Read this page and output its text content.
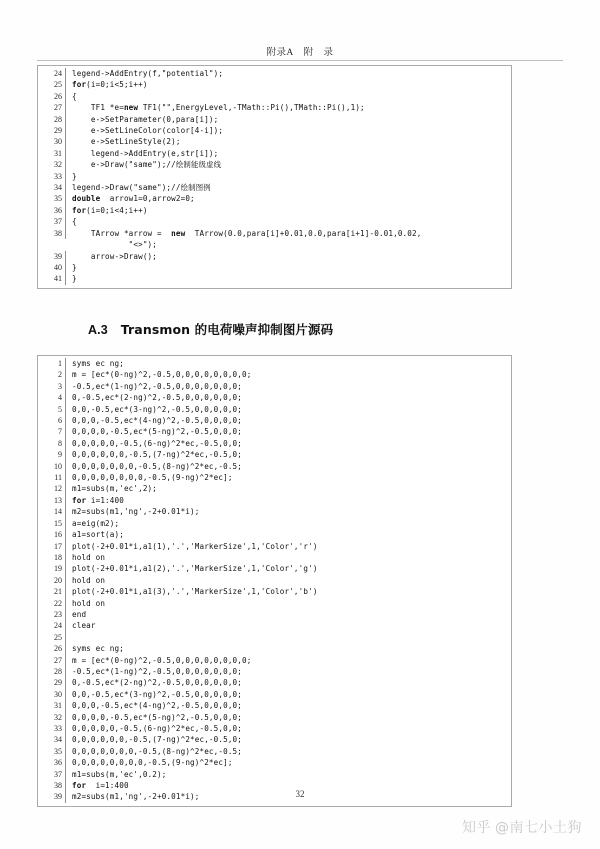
附录A 附　录
24	legend->AddEntry(f,"potential");
25	for(i=0;i<5;i++)
26	{
27	TF1 *e=new TF1("",EnergyLevel,-TMath::Pi(),TMath::Pi(),1);
28	e->SetParameter(0,para[i]);
29	e->SetLineColor(color[4-i]);
30	e->SetLineStyle(2);
31	legend->AddEntry(e,str[i]);
32	e->Draw("same");//绘制能级虚线
33	}
34	legend->Draw("same");//绘制图例
35	double  arrow1=0,arrow2=0;
36	for(i=0;i<4;i++)
37	{
38	TArrow *arrow =  new  TArrow(0.0,para[i]+0.01,0.0,para[i+1]-0.01,0.02,
"<>");
39	arrow->Draw();
40	}
41	}
A.3 Transmon 的电荷噪声抑制图片源码
1	syms ec ng;
2	m = [ec*(0-ng)^2,-0.5,0,0,0,0,0,0,0,0;
3	-0.5,ec*(1-ng)^2,-0.5,0,0,0,0,0,0,0;
4	0,-0.5,ec*(2-ng)^2,-0.5,0,0,0,0,0,0;
5	0,0,-0.5,ec*(3-ng)^2,-0.5,0,0,0,0,0;
6	0,0,0,-0.5,ec*(4-ng)^2,-0.5,0,0,0,0;
7	0,0,0,0,-0.5,ec*(5-ng)^2,-0.5,0,0,0;
8	0,0,0,0,0,-0.5,(6-ng)^2*ec,-0.5,0,0;
9	0,0,0,0,0,0,-0.5,(7-ng)^2*ec,-0.5,0;
10	0,0,0,0,0,0,0,-0.5,(8-ng)^2*ec,-0.5;
11	0,0,0,0,0,0,0,0,-0.5,(9-ng)^2*ec];
12	m1=subs(m,'ec',2);
13	for i=1:400
14	m2=subs(m1,'ng',-2+0.01*i);
15	a=eig(m2);
16	a1=sort(a);
17	plot(-2+0.01*i,a1(1),'.','MarkerSize',1,'Color','r')
18	hold on
19	plot(-2+0.01*i,a1(2),'.','MarkerSize',1,'Color','g')
20	hold on
21	plot(-2+0.01*i,a1(3),'.','MarkerSize',1,'Color','b')
22	hold on
23	end
24	clear
25
26	syms ec ng;
27	m = [ec*(0-ng)^2,-0.5,0,0,0,0,0,0,0,0;
28	-0.5,ec*(1-ng)^2,-0.5,0,0,0,0,0,0,0;
29	0,-0.5,ec*(2-ng)^2,-0.5,0,0,0,0,0,0;
30	0,0,-0.5,ec*(3-ng)^2,-0.5,0,0,0,0,0;
31	0,0,0,-0.5,ec*(4-ng)^2,-0.5,0,0,0,0;
32	0,0,0,0,-0.5,ec*(5-ng)^2,-0.5,0,0,0;
33	0,0,0,0,0,-0.5,(6-ng)^2*ec,-0.5,0,0;
34	0,0,0,0,0,0,-0.5,(7-ng)^2*ec,-0.5,0;
35	0,0,0,0,0,0,0,-0.5,(8-ng)^2*ec,-0.5;
36	0,0,0,0,0,0,0,0,-0.5,(9-ng)^2*ec];
37	m1=subs(m,'ec',0.2);
38	for  i=1:400
39	m2=subs(m1,'ng',-2+0.01*i);	32
知乎 @南七小土狗
